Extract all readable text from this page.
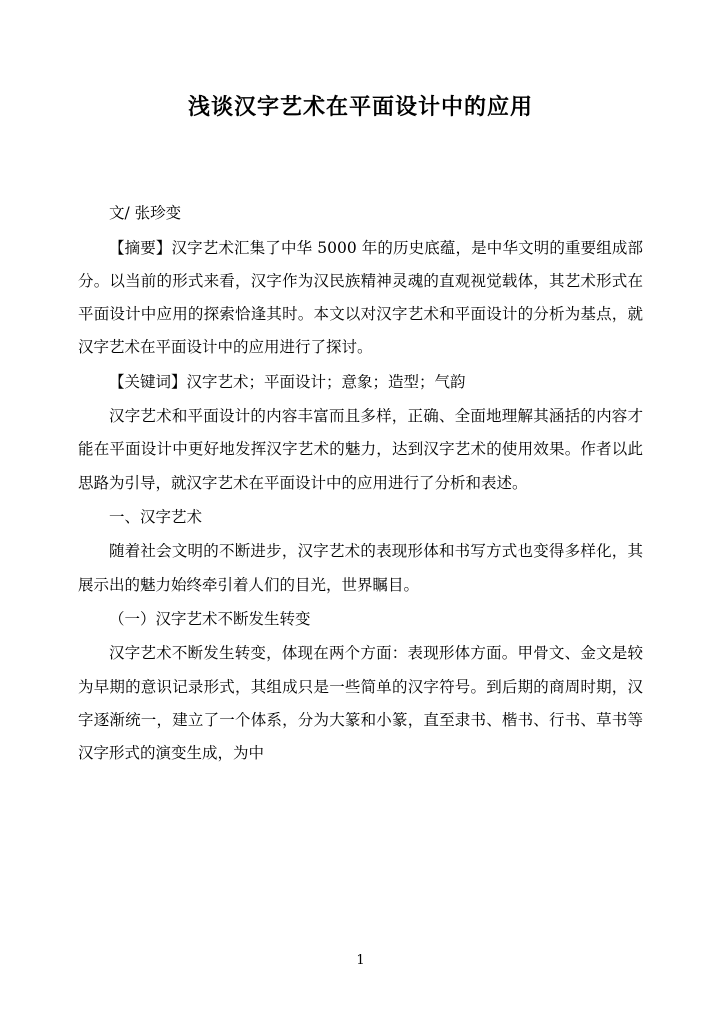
浅谈汉字艺术在平面设计中的应用

文/ 张珍变

【摘要】汉字艺术汇集了中华 5000 年的历史底蕴，是中华文明的重要组成部分。以当前的形式来看，汉字作为汉民族精神灵魂的直观视觉载体，其艺术形式在平面设计中应用的探索恰逢其时。本文以对汉字艺术和平面设计的分析为基点，就汉字艺术在平面设计中的应用进行了探讨。

【关键词】汉字艺术；平面设计；意象；造型；气韵

汉字艺术和平面设计的内容丰富而且多样，正确、全面地理解其涵括的内容才能在平面设计中更好地发挥汉字艺术的魅力，达到汉字艺术的使用效果。作者以此思路为引导，就汉字艺术在平面设计中的应用进行了分析和表述。

一、汉字艺术

随着社会文明的不断进步，汉字艺术的表现形体和书写方式也变得多样化，其展示出的魅力始终牵引着人们的目光，世界瞩目。

（一）汉字艺术不断发生转变

汉字艺术不断发生转变，体现在两个方面：表现形体方面。甲骨文、金文是较为早期的意识记录形式，其组成只是一些简单的汉字符号。到后期的商周时期，汉字逐渐统一，建立了一个体系，分为大篆和小篆，直至隶书、楷书、行书、草书等汉字形式的演变生成，为中

1
